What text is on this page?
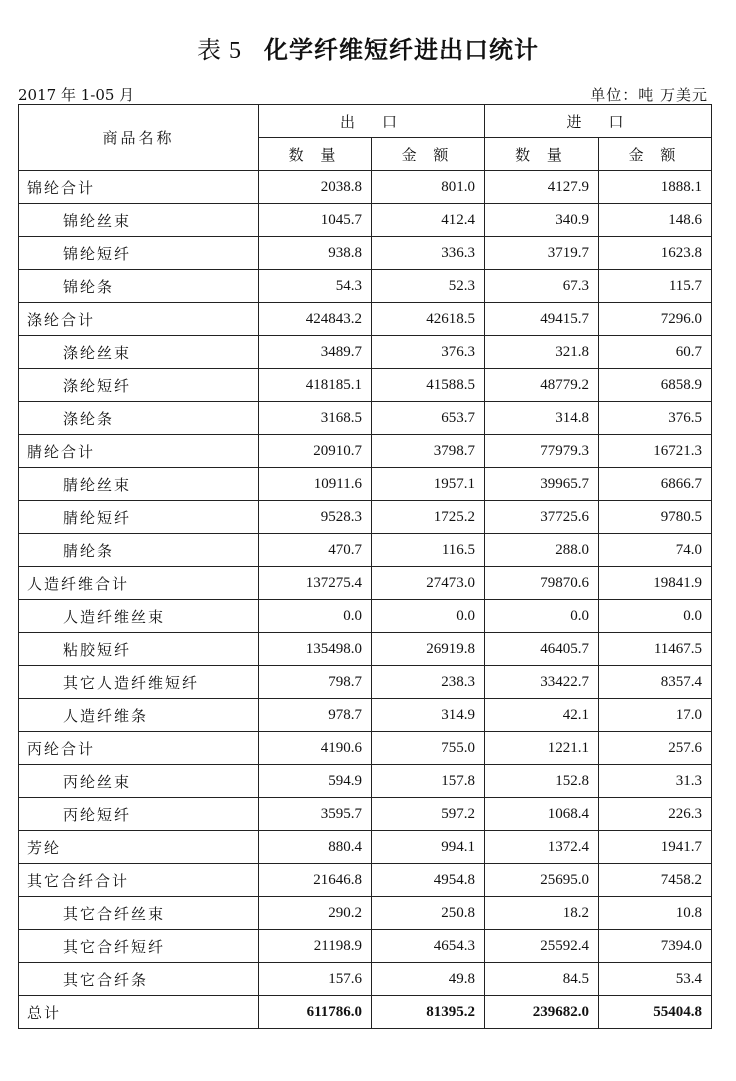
表 5 化学纤维短纤进出口统计
2017 年 1-05 月	单位：吨 万美元
商品名称	出　口		进　口	
	数 量	金 额	数 量	金 额
锦纶合计	2038.8	801.0	4127.9	1888.1
锦纶丝束	1045.7	412.4	340.9	148.6
锦纶短纤	938.8	336.3	3719.7	1623.8
锦纶条	54.3	52.3	67.3	115.7
涤纶合计	424843.2	42618.5	49415.7	7296.0
涤纶丝束	3489.7	376.3	321.8	60.7
涤纶短纤	418185.1	41588.5	48779.2	6858.9
涤纶条	3168.5	653.7	314.8	376.5
腈纶合计	20910.7	3798.7	77979.3	16721.3
腈纶丝束	10911.6	1957.1	39965.7	6866.7
腈纶短纤	9528.3	1725.2	37725.6	9780.5
腈纶条	470.7	116.5	288.0	74.0
人造纤维合计	137275.4	27473.0	79870.6	19841.9
人造纤维丝束	0.0	0.0	0.0	0.0
粘胶短纤	135498.0	26919.8	46405.7	11467.5
其它人造纤维短纤	798.7	238.3	33422.7	8357.4
人造纤维条	978.7	314.9	42.1	17.0
丙纶合计	4190.6	755.0	1221.1	257.6
丙纶丝束	594.9	157.8	152.8	31.3
丙纶短纤	3595.7	597.2	1068.4	226.3
芳纶	880.4	994.1	1372.4	1941.7
其它合纤合计	21646.8	4954.8	25695.0	7458.2
其它合纤丝束	290.2	250.8	18.2	10.8
其它合纤短纤	21198.9	4654.3	25592.4	7394.0
其它合纤条	157.6	49.8	84.5	53.4
总计	611786.0	81395.2	239682.0	55404.8
